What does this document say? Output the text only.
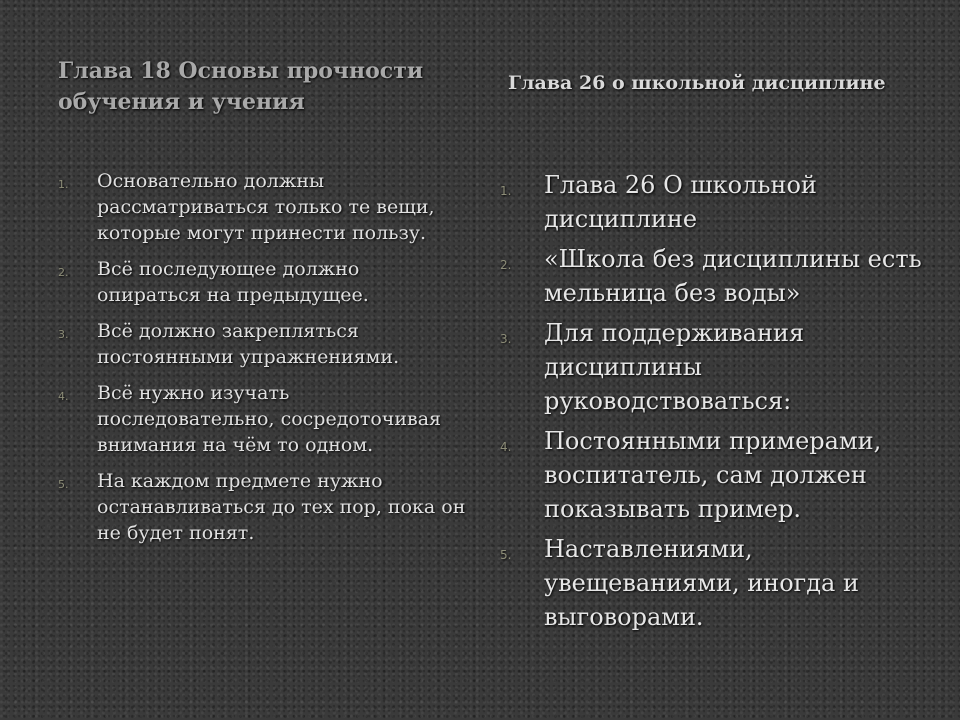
Глава 18 Основы прочности обучения и учения
Глава 26 о школьной дисциплине
1. Основательно должны рассматриваться только те вещи, которые могут принести пользу.
2. Всё последующее должно опираться на предыдущее.
3. Всё должно закрепляться постоянными упражнениями.
4. Всё нужно изучать последовательно, сосредоточивая внимания на чём то одном.
5. На каждом предмете нужно останавливаться до тех пор, пока он не будет понят.
1. Глава 26 О школьной дисциплине
2. «Школа без дисциплины есть мельница без воды»
3. Для поддерживания дисциплины руководствоваться:
4. Постоянными примерами, воспитатель, сам должен показывать пример.
5. Наставлениями, увещеваниями, иногда и выговорами.
